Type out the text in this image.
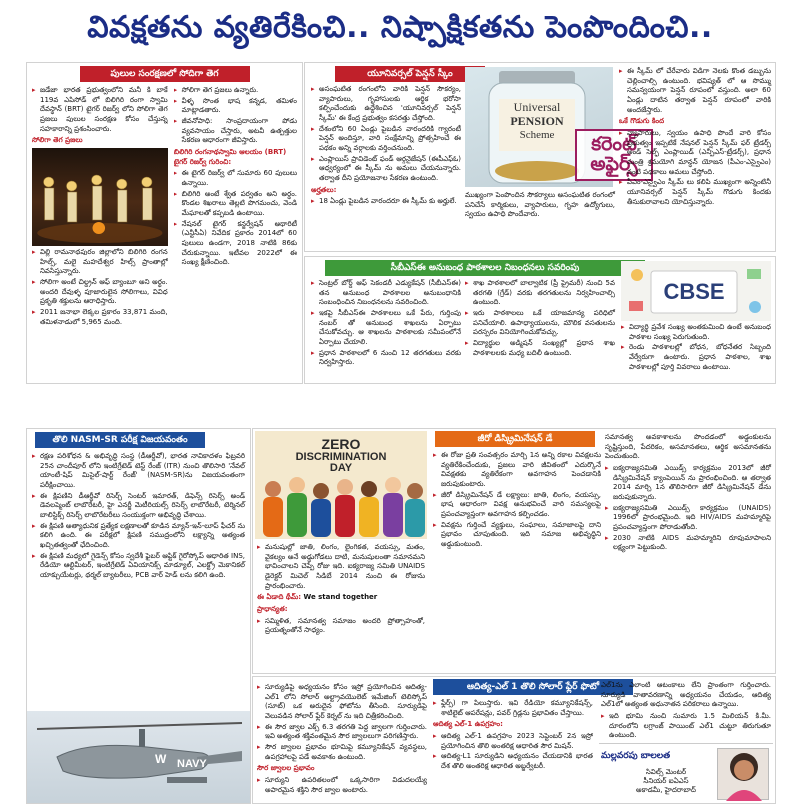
వివక్షతను వ్యతిరేకించి.. నిష్పాక్షికతను పెంపొందించి..
పులుల సంరక్షణలో సోదిగా తెగ
▸ జడేజా భారత ప్రభుత్వంలోని మనీ కి బాకే 119వ ఎపిసోడ్ లో బిలిగిరి రంగా స్వామి దేవస్థాన్ (BRT) టైగర్ రిజర్వ్ లోని సోలిగా తెగ ప్రజలు పులుల సంరక్షణ కోసం చేస్తున్న సహకారాన్ని ప్రశంసించారు.
సోలిగా తెగ ప్రజలు
▸ విల్లి రామనాథపురం జిల్లాలోని బిలిగిరి రంగన హిల్స్, మలై మహదేశ్వర హిల్స్ ప్రాంతాల్లో నివసిస్తున్నారు.
▸ సోలిగా అంటే చిల్డ్రన్ ఆఫ్ బ్యాంబూ అని అర్థం. అందరి దేవుళ్ళ పూజారులైన సోలిగాలు, వివిధ ప్రకృతి శక్తులను ఆరాధిస్తారు.
▸ 2011 జనాభా లెక్కల ప్రకారం 33,871 మంది, తమిళనాడులో 5,965 మంది.
▸ సోలిగా తెగ ప్రజలు ఉన్నారు.
▸ వీళ్ళ సొంత భాష కన్నడ, తమిళం మాట్లాడతారు.
▸ జీవనోపాధి: సాంప్రదాయంగా పోడు వ్యవసాయం చేస్తారు, అటవీ ఉత్పత్తుల సేకరణ ఆధారంగా జీవిస్తారు.
బిలిగిరి రంగనాథస్వామి ఆలయం (BRT) టైగర్ రిజర్వ్ గురించి:
▸ ఈ టైగర్ రిజర్వ్ లో సుమారు 60 పులులు ఉన్నాయి.
▸ బిలిగిరి అంటే శ్వేత పర్వతం అని అర్థం. కొండల శిఖరాలు తెల్లటి పొగమంచు, వెండి మేఘాలతో కప్పబడి ఉంటాయి.
▸ నేషనల్ టైగర్ కన్జర్వేషన్ అథారిటీ (ఎన్టీసీఏ) నివేదిక ప్రకారం 2014లో 60 పులులు ఉండగా, 2018 నాటికి 86కు చేరుకున్నాయి. ఇటీవల 2022లో ఈ సంఖ్య క్షీణించింది.
యూనివర్సల్ పెన్షన్ స్కీం
▸ అసంఘటిత రంగంలోని వారికి పెన్షన్ సౌకర్యం, వ్యాపారులు, గృహాసులకు ఆర్థిక భరోసా కల్పించేందుకు ఉద్దేశించిన 'యూనివర్సల్ పెన్షన్ స్కీమ్' ఈ కేంద్ర ప్రభుత్వం కసరత్తు చేస్తోంది.
▸ దేశంలోని 60 ఏండ్లు పైబడిన వారందరికి గ్యారంటీ పెన్షన్ అందిస్తూ, వారి సంక్షేమాన్ని ప్రోత్సహించే ఈ పథకం అన్ని వర్గాలకు వర్తించనుంది.
▸ ఎంప్లాయిస్ ప్రావిడెంట్ ఫండ్ ఆర్గనైజేషన్ (ఈపీఎఫ్ఓ) ఆధ్వర్యంలో ఈ స్కీమ్ ను అమలు చేయనున్నారు. తర్వాత దీని ప్రయోజనాల సేకరణ ఉంటుంది.
అర్హతలు:
▸ 18 ఏండ్లు పైబడిన వారందరూ ఈ స్కీమ్ కు అర్హులే.
Universal
PENSION
Scheme	కరెంట్
అఫైర్స్

ముఖ్యంగా పెంపొందిన సౌకర్యాలు అసంఘటిత రంగంలో పనిచేసే కార్మికులు, వ్యాపారులు, గృహ ఉద్యోగులు, స్వయం ఉపాధి పొందేవారు.

▸ ఈ స్కీమ్ లో చేరేవారు విడిగా నెలకు కొంత డబ్బును చెల్లించాల్సి ఉంటుంది. భవిష్యత్ లో ఆ సొమ్ము సమన్వయంగా పెన్షన్ రూపంలో వస్తుంది. అలా 60 ఏండ్లు దాటిన తర్వాత పెన్షన్ రూపంలో వారికి అందజేస్తారు.
ఒకే గొడుగు కింద
▸ వ్యాపారులు, స్వయం ఉపాధి పొందే వారి కోసం ప్రభుత్వం ఇప్పటికే నేషనల్ పెన్షన్ స్కీమ్ ఫర్ ట్రేడర్స్ అండ్ సెల్ఫ్ ఎంప్లాయిడ్ (ఎన్పీఎస్-ట్రేడర్స్), ప్రధాన మంత్రి శ్రమయోగి మాన్ధన్ యోజన (పీఎం-ఎస్వైఎం) వంటి పథకాలు అమలు చేస్తోంది.
▸ పీఎం-ఎస్వైఎం స్కీమ్ లు కలిపి ముఖ్యంగా అన్నింటినీ యూనివర్సల్ పెన్షన్ స్కీమ్ గొడుగు కిందకు తీసుకురావాలని యోచిస్తున్నారు.
సీబీఎస్ఈ అనుబంధ పాఠశాలల నిబంధనలు సవరింపు
▸ సెంట్రల్ బోర్డ్ ఆఫ్ సెకండరీ ఎడ్యుకేషన్ (సీబీఎస్ఈ) తన అనుబంధ పాఠశాలల అనుబంధానికి సంబంధించిన నిబంధనలను సవరించింది.
▸ ఇకపై సీబీఎస్ఈ పాఠశాలలు ఒకే పేరు, గుర్తింపు నంబర్ తో అనుబంధ శాఖలను ఏర్పాటు చేసుకోవచ్చు. ఆ శాఖలను పాఠశాలకు సమీపంలోనే ఏర్పాటు చేయాలి.
▸ ప్రధాన పాఠశాలలో 6 నుంచి 12 తరగతులు వరకు నిర్వహిస్తారు.
▸ శాఖ పాఠశాలలో బాల్వాటిక (ప్రీ ప్రైమరీ) నుంచి 5వ తరగతి (గ్రేడ్) వరకు తరగతులను నిర్వహించాల్సి ఉంటుంది.
▸ ఇరు పాఠశాలలు ఒకే యాజమాన్య పరిధిలో పనిచేయాలి. ఉపాధ్యాయులను, మౌలిక వసతులను పరస్పరం వినియోగించుకోవచ్చు.
▸ విద్యార్థుల అడ్మిషన్ సంఖ్యల్లో ప్రధాన శాఖ పాఠశాలలకు మధ్య బదిలీ ఉంటుంది.
CBSE
▸ విద్యార్థి ప్రవేశ సంఖ్య అంతకుమించి ఉంటే అనుబంధ పాఠశాల సంఖ్య పెరుగుతుంది.
▸ రెండు పాఠశాలల్లో బోధన, బోధనేతర సిబ్బంది వేర్వేరుగా ఉంటారు. ప్రధాన పాఠశాల, శాఖ పాఠశాలల్లో పూర్తి వివరాలు ఉంటాయి.
తొలి NASM-SR పరీక్ష విజయవంతం
▸ రక్షణ పరిశోధన & అభివృద్ధి సంస్థ (డీఆర్డీవో), భారత నావికాదళం ఫిబ్రవరి 25న చాందీపూర్ లోని ఇంటిగ్రేటెడ్ టెస్ట్ రేంజ్ (ITR) నుంచి తొలిసారి 'నేవల్ యాంటీ-షిప్ మిసైల్-షార్ట్ రేంజ్' (NASM-SR)ను విజయవంతంగా పరీక్షించాయి.
▸ ఈ క్షిపణిని డీఆర్డీవో రిసెర్చ్ సెంటర్ ఇమారత్, డిఫెన్స్ రిసెర్చ్ అండ్ డెవలప్మెంట్ లాబొరేటరీ, హై ఎనర్జీ మెటీరియల్స్ రిసెర్చ్ లాబొరేటరీ, టెర్మినల్ బాలిస్టిక్స్ రిసెర్చ్ లాబొరేటరీలు సంయుక్తంగా అభివృద్ధి చేశాయి.
▸ ఈ క్షిపణి అత్యాధునిక ప్రత్యేక లక్షణాలతో కూడిన మ్యాన్-ఇన్-లూప్ ఫీచర్ ను కలిగి ఉంది. ఈ పరీక్షలో క్షిపణి సముద్రంలోని లక్ష్యాన్ని అత్యంత ఖచ్చితత్వంతో ఛేదించింది.
▸ ఈ క్షిపణి మధ్యలో గైడెన్స్ కోసం స్వదేశీ ఫైబర్ ఆప్టిక్ గైరోస్కోప్ ఆధారిత INS, రేడియో ఆల్టిమీటర్, ఇంటిగ్రేటెడ్ ఏవియానిక్స్ మాడ్యూల్, ఎలక్ట్రో మెకానికల్ యాక్చుయేటర్లు, థర్మల్ బ్యాటరీలు, PCB వార్ హెడ్ లను కలిగి ఉంది.
W NAVY
ZERO
DISCRIMINATION
DAY
▸ మనుషుల్లో జాతి, లింగం, లైంగికత, వయస్సు, మతం, వైకల్యం అనే అడ్డుగోడలు దాటి, మనుషులంతా సమానమని భావించాలని చెప్పే రోజు ఇది. ఐక్యరాజ్య సమితి UNAIDS డైరెక్టర్ మిచెల్ సిడిబే 2014 నుంచి ఈ రోజును ప్రారంభించారు.
ఈ ఏడాది థీమ్: We stand together
ప్రాధాన్యత:
▸ సమ్మిళిత, సమానత్వ సమాజం అందరి ప్రోత్సాహంతో, ప్రయత్నంతోనే సాధ్యం.
జీరో డిస్క్రిమినేషన్ డే
▸ ఈ రోజు ప్రతి సంవత్సరం మార్చి 1న అన్ని రకాల వివక్షలను వ్యతిరేకించేందుకు, ప్రజలు వారి జీవితంలో ఎదుర్కొనే వివక్షతకు వ్యతిరేకంగా అవగాహన పెంచడానికి జరుపుకుంటారు.
▸ జీరో డిస్క్రిమినేషన్ డే లక్ష్యాలు: జాతి, లింగం, వయస్సు, భాష ఆధారంగా వివక్ష అనుభవించే వారి సమస్యలపై ప్రపంచవ్యాప్తంగా అవగాహన కల్పించడం.
▸ వివక్షను గుర్తించే వ్యక్తులు, సంఘాలు, సమాజాలపై దాని ప్రభావం చూపుతుంది. ఇది సమాజ అభివృద్ధిని అడ్డుకుంటుంది.

సమానత్వ అవకాశాలను పొందడంలో అడ్డంకులను సృష్టిస్తుంది, పేదరికం, అసమానతలు, ఆర్థిక అసమానతను పెంచుతుంది.

▸ ఐక్యరాజ్యసమితి ఎయిడ్స్ కార్యక్రమం 2013లో జీరో డిస్క్రిమినేషన్ క్యాంపెయిన్ ను ప్రారంభించింది. ఆ తర్వాత 2014 మార్చి 1న తొలిసారిగా జీరో డిస్క్రిమినేషన్ డేను జరుపుకున్నారు.
▸ ఐక్యరాజ్యసమితి ఎయిడ్స్ కార్యక్రమం (UNAIDS) 1996లో ప్రారంభమైంది. ఇది HIV/AIDS మహమ్మారిపై ప్రపంచవ్యాప్తంగా పోరాడుతోంది.
▸ 2030 నాటికి AIDS మహమ్మారిని రూపుమాపాలని లక్ష్యంగా పెట్టుకుంది.
ఆదిత్య-ఎల్ 1 తొలి సోలార్ ఫ్లేర్ ఫొటో
▸ సూర్యుడిపై అధ్యయనం కోసం ఇస్రో ప్రయోగించిన ఆదిత్య-ఎల్1 లోని సోలార్ అల్ట్రావయొలెట్ ఇమేజింగ్ టెలిస్కోప్ (సూట్) ఒక అరుదైన ఫోటోను తీసింది. సూర్యుడిపై వెలువడిన సోలార్ ఫ్లేర్ కెర్నల్ ను ఇది చిత్రీకరించింది.
▸ ఈ సౌర జ్వాల ఎక్స్ 6.3 తరగతి పెద్ద జ్వాలగా గుర్తించారు. ఇవి అత్యంత శక్తివంతమైన సౌర జ్వాలలుగా పరిగణిస్తారు.
▸ సౌర జ్వాలల ప్రభావం భూమిపై కమ్యూనికేషన్ వ్యవస్థలు, ఉపగ్రహాలపై పడే అవకాశం ఉంటుంది.
సౌర జ్వాలల ప్రభావం
▸ సూర్యుని ఉపరితలంలో ఒక్కసారిగా విడుదలయ్యే అపారమైన శక్తిని సౌర జ్వాల అంటారు.
▸ ఫ్లేర్స్) గా పిలుస్తారు. ఇవి రేడియో కమ్యూనికేషన్స్, శాటిలైట్ ఆపరేషన్లు, పవర్ గ్రిడ్లను ప్రభావితం చేస్తాయి.
ఆదిత్య ఎల్-1 ఉపగ్రహం:
▸ ఆదిత్య ఎల్-1 ఉపగ్రహం 2023 సెప్టెంబర్ 2న ఇస్రో ప్రయోగించిన తొలి అంతరిక్ష ఆధారిత సౌర మిషన్.
▸ ఆదిత్య-L1 సూర్యుడిని అధ్యయనం చేయడానికి భారత దేశ తొలి అంతరిక్ష ఆధారిత అబ్జర్వేటరీ.

ఎల్1ను ఎలాంటి ఆటంకాలు లేని ప్రాంతంగా గుర్తించారు. సూర్యుడి వాతావరణాన్ని అధ్యయనం చేయడం, ఆదిత్య ఎల్1లో అత్యంత అధునాతన పరికరాలు ఉన్నాయి.

▸ ఇది భూమి నుంచి సుమారు 1.5 మిలియన్ కి.మీ. దూరంలోని లగ్రాంజ్ పాయింట్ ఎల్1 చుట్టూ తిరుగుతూ ఉంటుంది.
మల్లవరపు బాలలత
సివిల్స్ మెంటర్
సీనియర్ ఐఏఎస్
అకాడమీ, హైదరాబాద్
